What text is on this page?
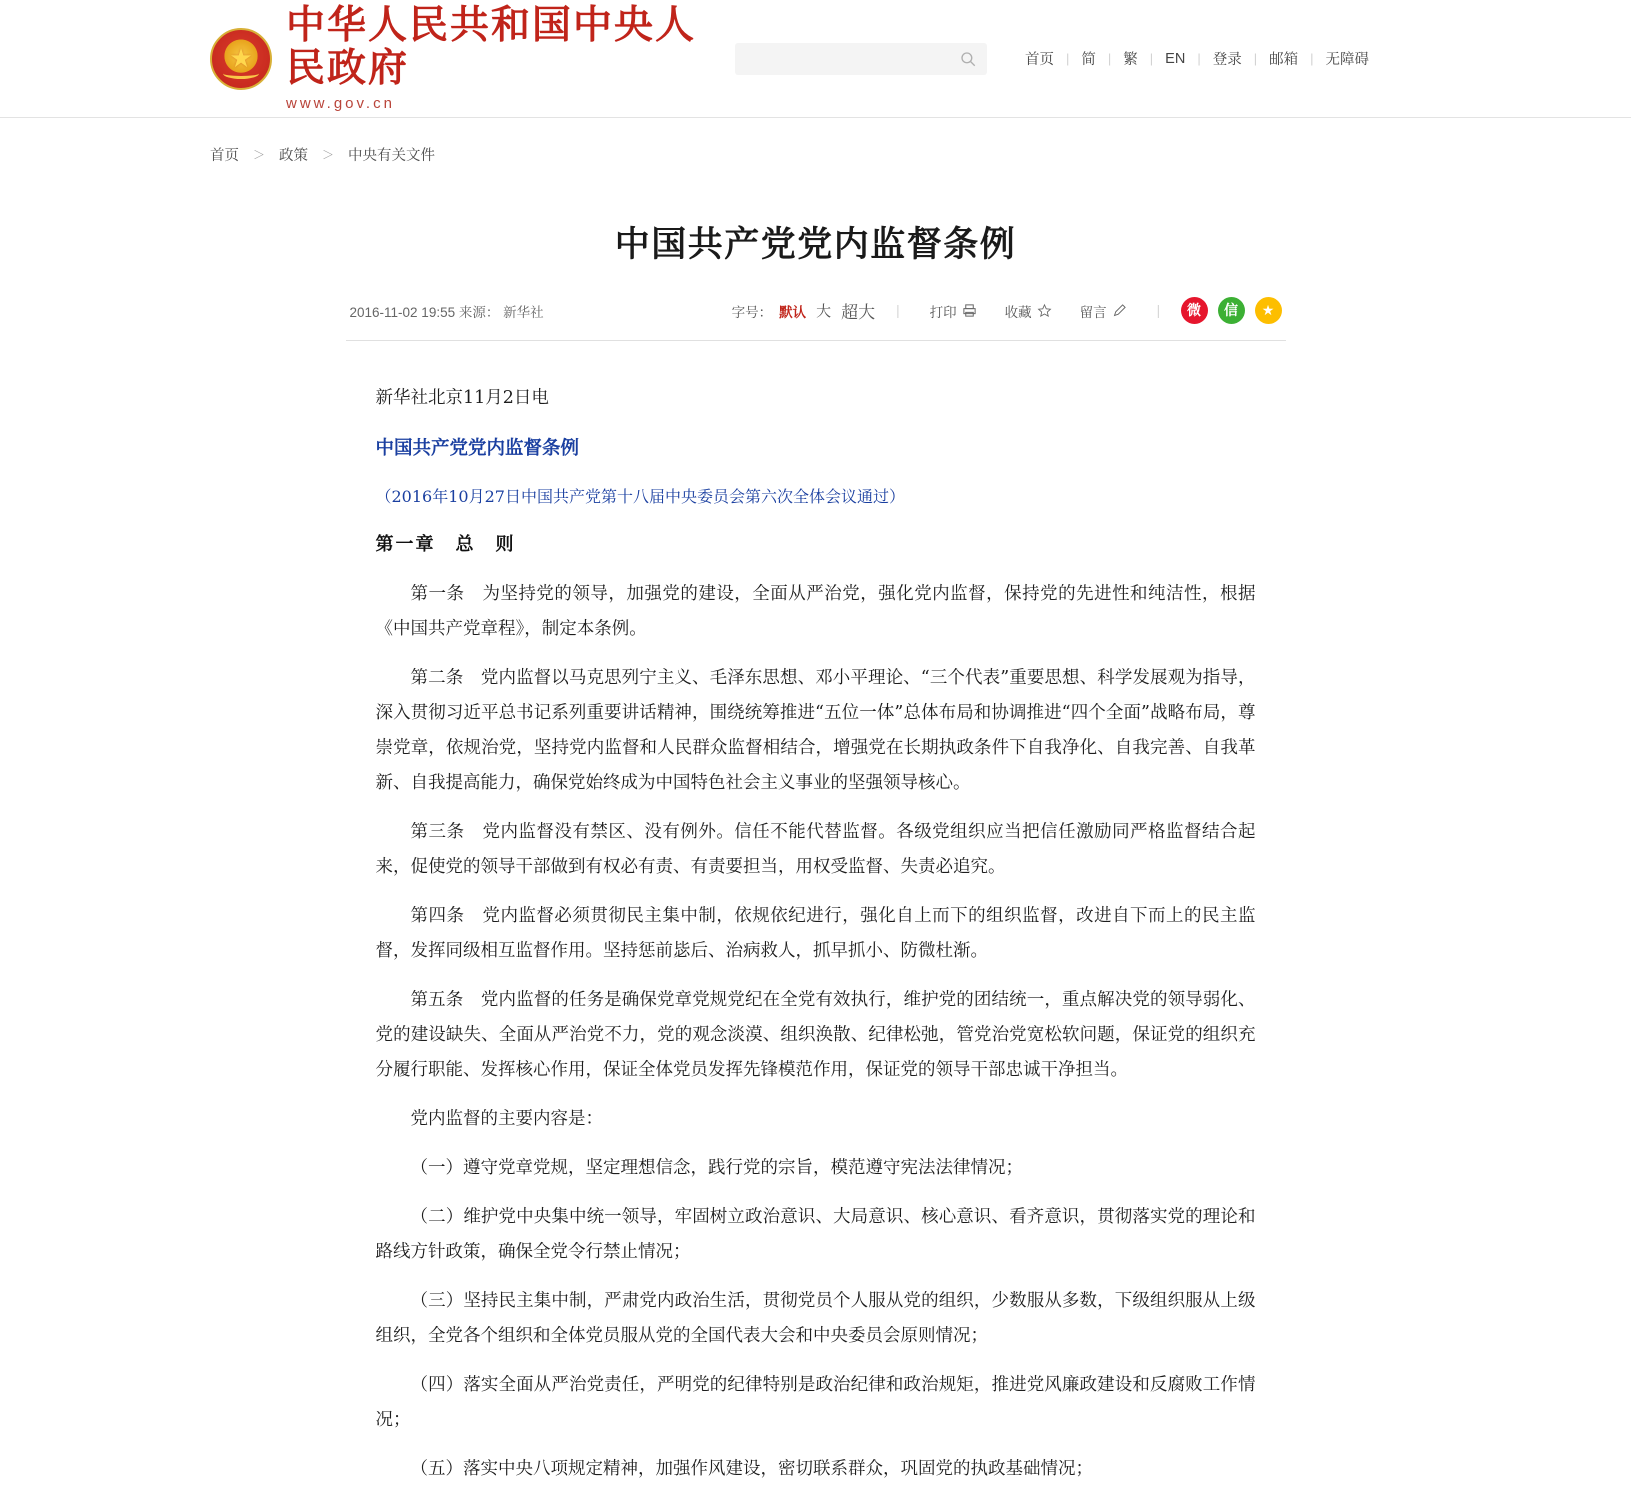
★
中华人民共和国中央人民政府
www.gov.cn
首页 | 简 | 繁 | EN | 登录 | 邮箱 | 无障碍
首页	＞ 政策	＞ 中央有关文件
中国共产党党内监督条例
2016-11-02 19:55 来源： 新华社	字号： 默认 大 超大	|	打印	收藏	留言	|	微	信	★

新华社北京11月2日电

中国共产党党内监督条例

（2016年10月27日中国共产党第十八届中央委员会第六次全体会议通过）

第一章　总　则

第一条　为坚持党的领导，加强党的建设，全面从严治党，强化党内监督，保持党的先进性和纯洁性，根据《中国共产党章程》，制定本条例。

第二条　党内监督以马克思列宁主义、毛泽东思想、邓小平理论、“三个代表”重要思想、科学发展观为指导，深入贯彻习近平总书记系列重要讲话精神，围绕统筹推进“五位一体”总体布局和协调推进“四个全面”战略布局，尊崇党章，依规治党，坚持党内监督和人民群众监督相结合，增强党在长期执政条件下自我净化、自我完善、自我革新、自我提高能力，确保党始终成为中国特色社会主义事业的坚强领导核心。

第三条　党内监督没有禁区、没有例外。信任不能代替监督。各级党组织应当把信任激励同严格监督结合起来，促使党的领导干部做到有权必有责、有责要担当，用权受监督、失责必追究。

第四条　党内监督必须贯彻民主集中制，依规依纪进行，强化自上而下的组织监督，改进自下而上的民主监督，发挥同级相互监督作用。坚持惩前毖后、治病救人，抓早抓小、防微杜渐。

第五条　党内监督的任务是确保党章党规党纪在全党有效执行，维护党的团结统一，重点解决党的领导弱化、党的建设缺失、全面从严治党不力，党的观念淡漠、组织涣散、纪律松弛，管党治党宽松软问题，保证党的组织充分履行职能、发挥核心作用，保证全体党员发挥先锋模范作用，保证党的领导干部忠诚干净担当。

党内监督的主要内容是：

（一）遵守党章党规，坚定理想信念，践行党的宗旨，模范遵守宪法法律情况；

（二）维护党中央集中统一领导，牢固树立政治意识、大局意识、核心意识、看齐意识，贯彻落实党的理论和路线方针政策，确保全党令行禁止情况；

（三）坚持民主集中制，严肃党内政治生活，贯彻党员个人服从党的组织，少数服从多数，下级组织服从上级组织，全党各个组织和全体党员服从党的全国代表大会和中央委员会原则情况；

（四）落实全面从严治党责任，严明党的纪律特别是政治纪律和政治规矩，推进党风廉政建设和反腐败工作情况；

（五）落实中央八项规定精神，加强作风建设，密切联系群众，巩固党的执政基础情况；
